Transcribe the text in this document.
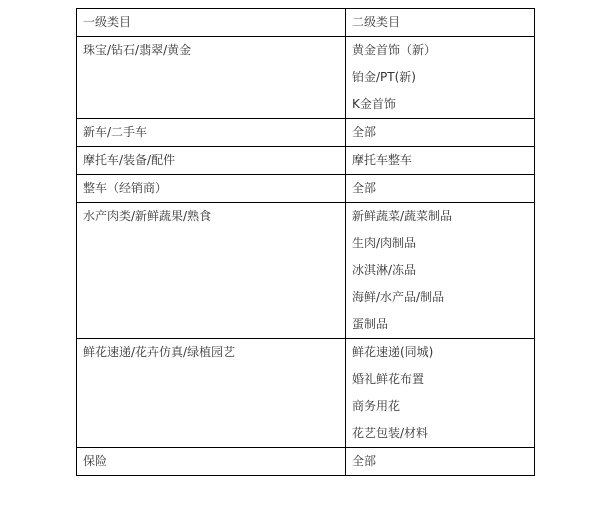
一级类目	二级类目
珠宝/钻石/翡翠/黄金	黄金首饰（新）
铂金/PT(新)
K金首饰

新车/二手车	全部

摩托车/装备/配件	摩托车整车

整车（经销商）	全部

水产肉类/新鲜蔬果/熟食	新鲜蔬菜/蔬菜制品
生肉/肉制品
冰淇淋/冻品
海鲜/水产品/制品
蛋制品

鲜花速递/花卉仿真/绿植园艺	鲜花速递(同城)
婚礼鲜花布置
商务用花
花艺包装/材料

保险	全部
